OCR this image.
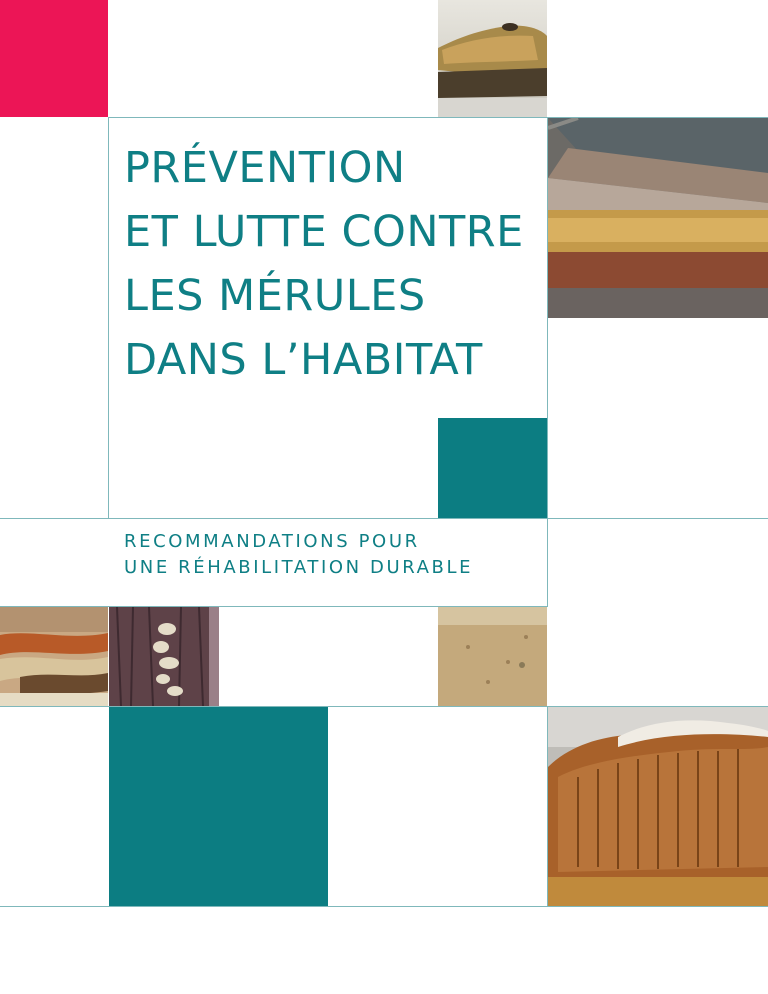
PRÉVENTION
ET LUTTE CONTRE
LES MÉRULES
DANS L’HABITAT
RECOMMANDATIONS POUR
UNE RÉHABILITATION DURABLE
